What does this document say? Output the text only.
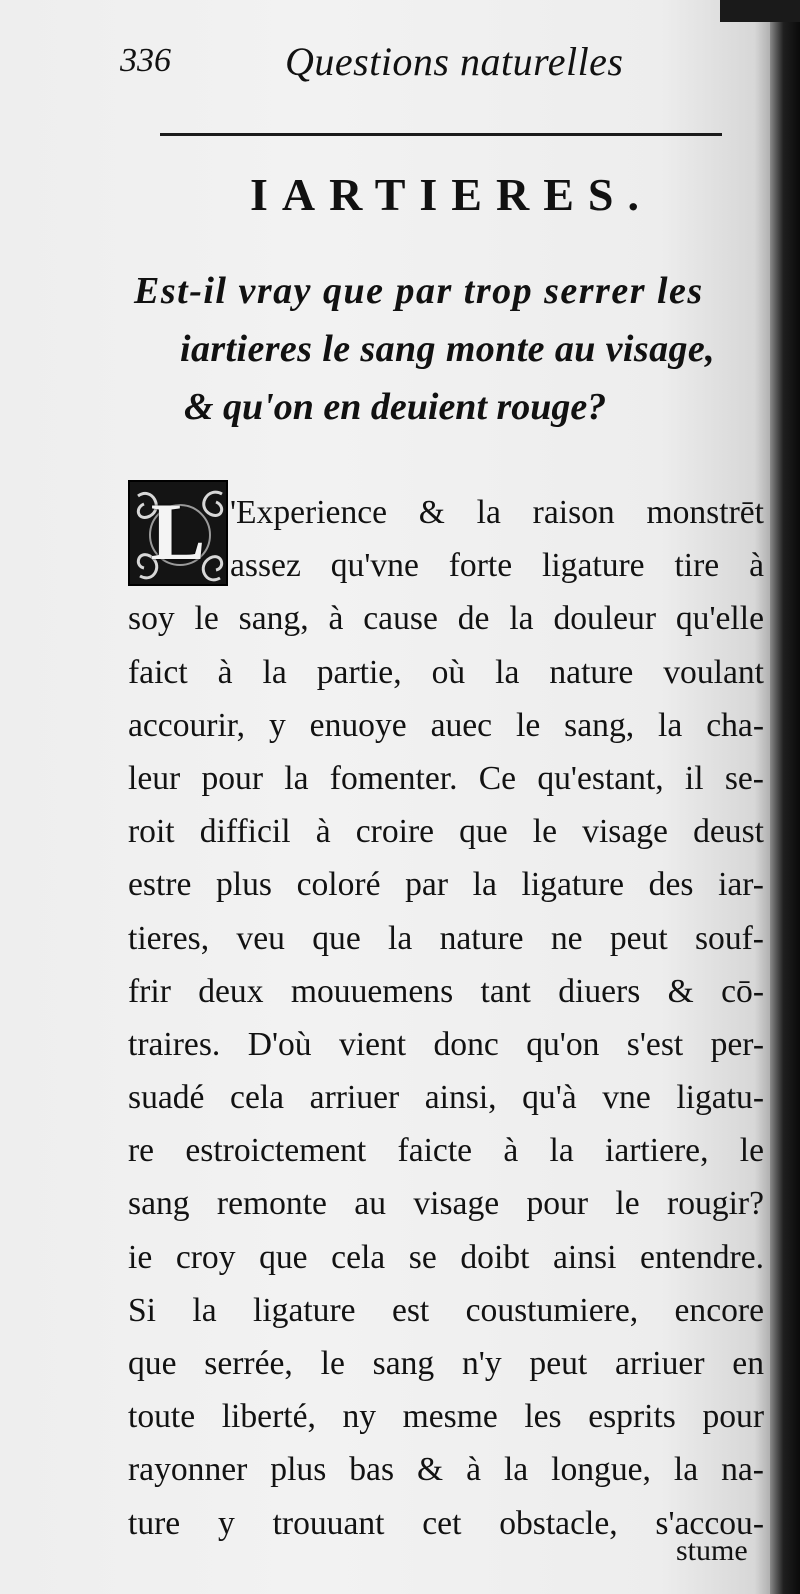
336	Questions naturelles
IARTIERES.
Est-il vray que par trop serrer les
iartieres le sang monte au visage,
& qu'on en deuient rouge?
L 'Experience & la raison monstrēt
assez qu'vne forte ligature tire à
soy le sang, à cause de la douleur qu'elle
faict à la partie, où la nature voulant
accourir, y enuoye auec le sang, la cha-
leur pour la fomenter. Ce qu'estant, il se-
roit difficil à croire que le visage deust
estre plus coloré par la ligature des iar-
tieres, veu que la nature ne peut souf-
frir deux mouuemens tant diuers & cō-
traires. D'où vient donc qu'on s'est per-
suadé cela arriuer ainsi, qu'à vne ligatu-
re estroictement faicte à la iartiere, le
sang remonte au visage pour le rougir?
ie croy que cela se doibt ainsi entendre.
Si la ligature est coustumiere, encore
que serrée, le sang n'y peut arriuer en
toute liberté, ny mesme les esprits pour
rayonner plus bas & à la longue, la na-
ture y trouuant cet obstacle, s'accou-
stume
